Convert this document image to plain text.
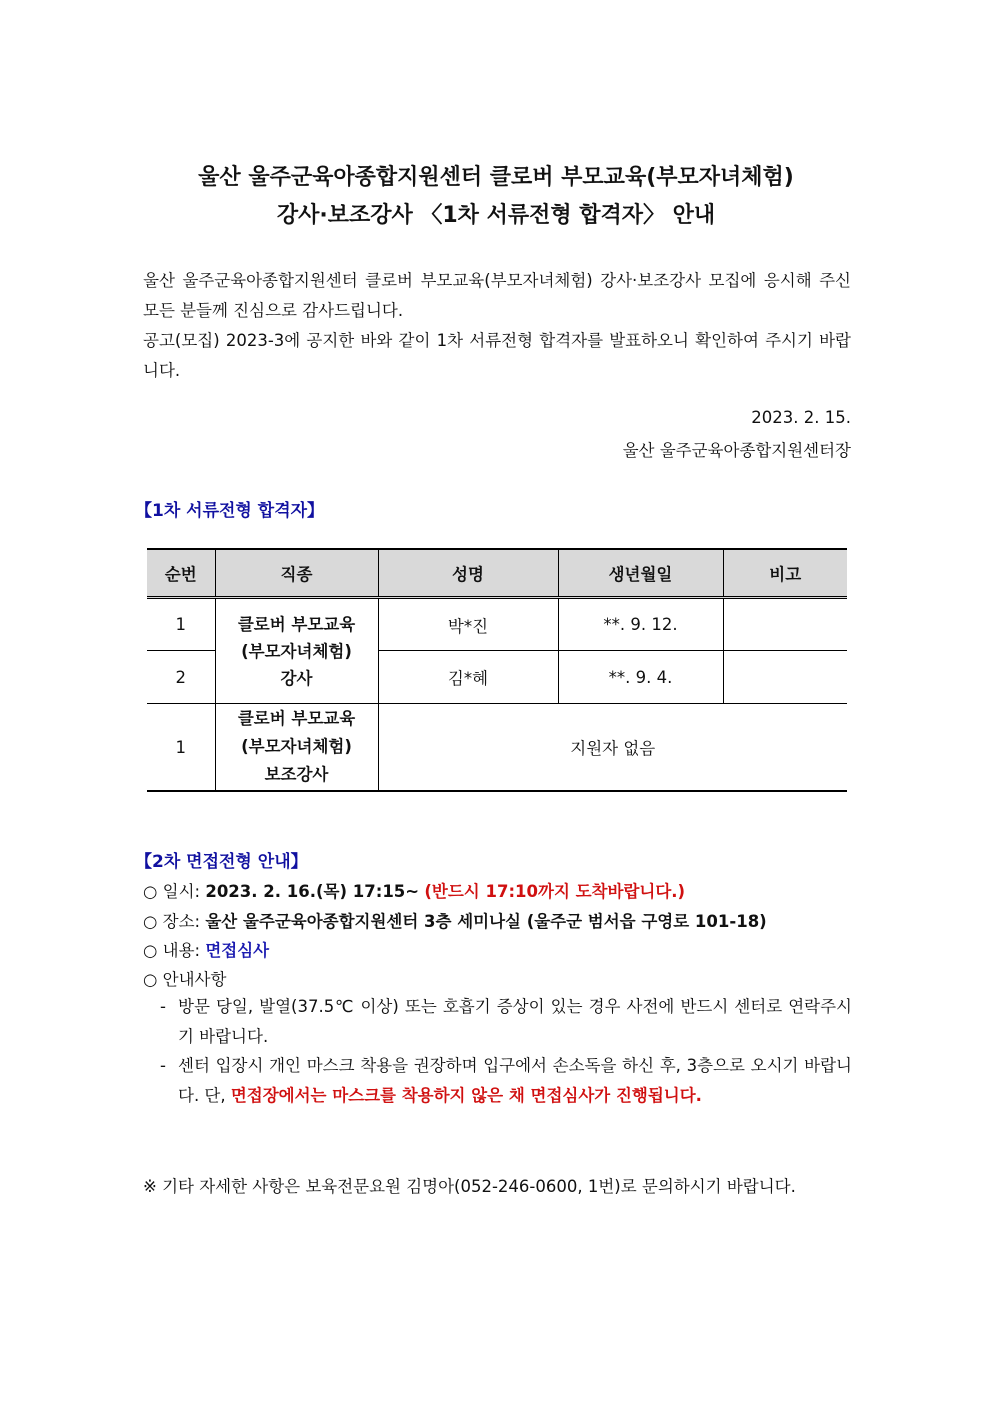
울산 울주군육아종합지원센터 클로버 부모교육(부모자녀체험)
강사·보조강사 〈1차 서류전형 합격자〉 안내
울산 울주군육아종합지원센터 클로버 부모교육(부모자녀체험) 강사·보조강사 모집에 응시해 주신 모든 분들께 진심으로 감사드립니다.
공고(모집) 2023-3에 공지한 바와 같이 1차 서류전형 합격자를 발표하오니 확인하여 주시기 바랍니다.
2023. 2. 15.
울산 울주군육아종합지원센터장
【1차 서류전형 합격자】
순번	직종	성명	생년월일	비고
1	클로버 부모교육
(부모자녀체험)
강사	박*진	**. 9. 12.	
2		김*혜	**. 9. 4.	
1	클로버 부모교육
(부모자녀체험)
보조강사	지원자 없음		
【2차 면접전형 안내】
○ 일시: 2023. 2. 16.(목) 17:15~ (반드시 17:10까지 도착바랍니다.)
○ 장소: 울산 울주군육아종합지원센터 3층 세미나실 (울주군 범서읍 구영로 101-18)
○ 내용: 면접심사
○ 안내사항
- 방문 당일, 발열(37.5℃ 이상) 또는 호흡기 증상이 있는 경우 사전에 반드시 센터로 연락주시기 바랍니다.
- 센터 입장시 개인 마스크 착용을 권장하며 입구에서 손소독을 하신 후, 3층으로 오시기 바랍니다. 단, 면접장에서는 마스크를 착용하지 않은 채 면접심사가 진행됩니다.
※ 기타 자세한 사항은 보육전문요원 김명아(052-246-0600, 1번)로 문의하시기 바랍니다.
